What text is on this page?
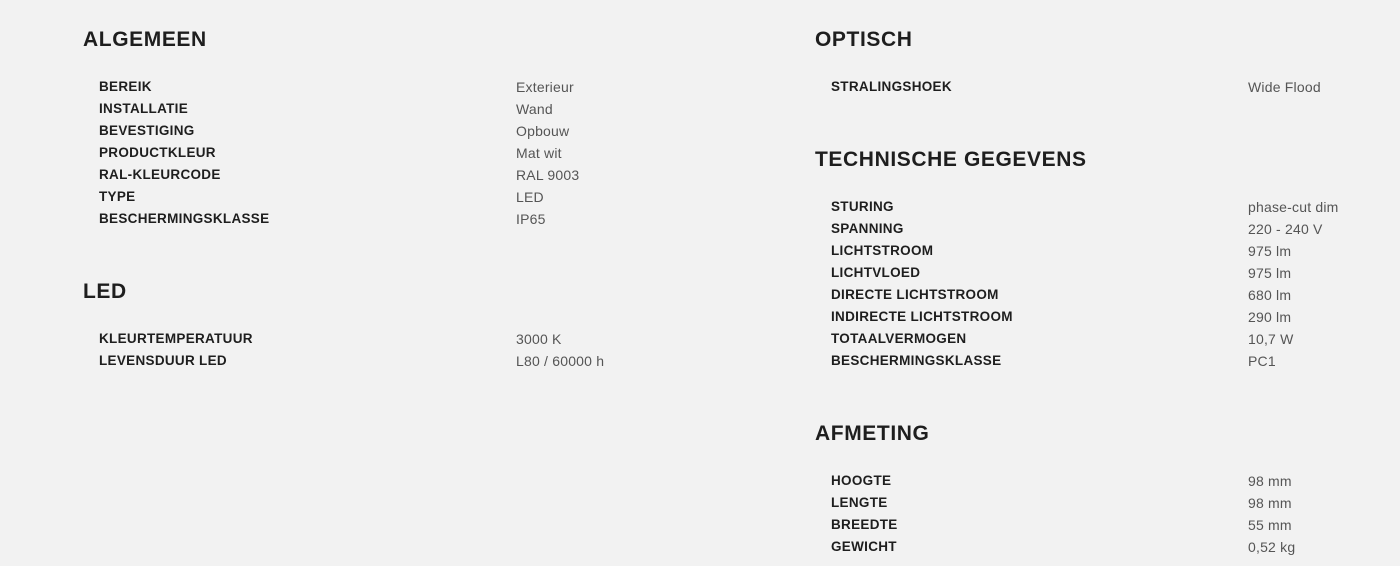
ALGEMEEN
BEREIK	Exterieur
INSTALLATIE	Wand
BEVESTIGING	Opbouw
PRODUCTKLEUR	Mat wit
RAL-KLEURCODE	RAL 9003
TYPE	LED
BESCHERMINGSKLASSE	IP65
LED
KLEURTEMPERATUUR	3000 K
LEVENSDUUR LED	L80 / 60000 h
OPTISCH
STRALINGSHOEK	Wide Flood
TECHNISCHE GEGEVENS
STURING	phase-cut dim
SPANNING	220 - 240 V
LICHTSTROOM	975 lm
LICHTVLOED	975 lm
DIRECTE LICHTSTROOM	680 lm
INDIRECTE LICHTSTROOM	290 lm
TOTAALVERMOGEN	10,7 W
BESCHERMINGSKLASSE	PC1
AFMETING
HOOGTE	98 mm
LENGTE	98 mm
BREEDTE	55 mm
GEWICHT	0,52 kg
